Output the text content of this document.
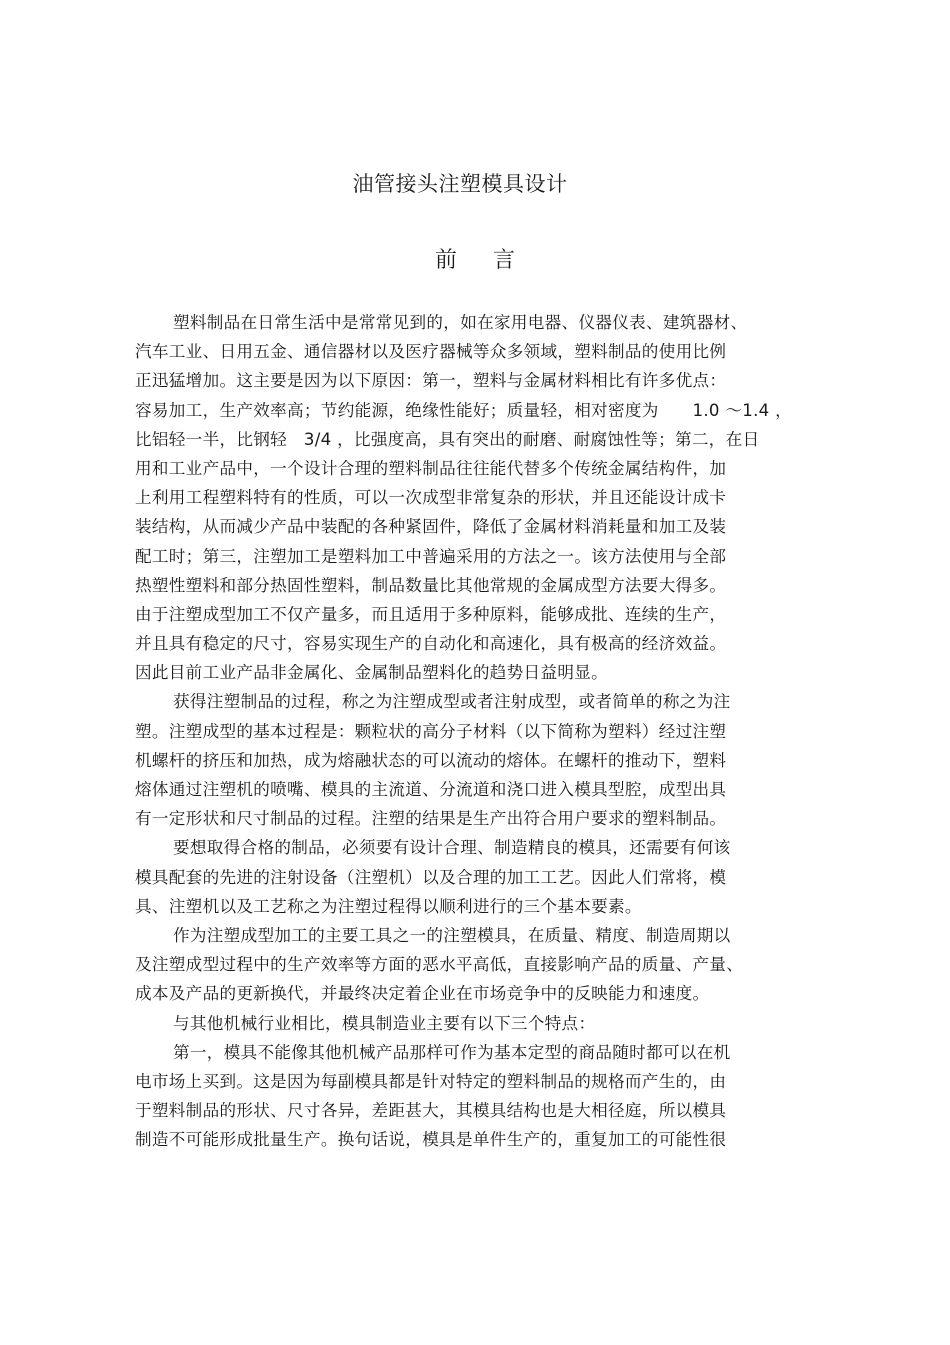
油管接头注塑模具设计
前言
塑料制品在日常生活中是常常见到的，如在家用电器、仪器仪表、建筑器材、
汽车工业、日用五金、通信器材以及医疗器械等众多领域，塑料制品的使用比例
正迅猛增加。这主要是因为以下原因：第一，塑料与金属材料相比有许多优点：
容易加工，生产效率高；节约能源，绝缘性能好；质量轻，相对密度为　　1.0 ～1.4 ，
比铝轻一半，比钢轻　3/4 ，比强度高，具有突出的耐磨、耐腐蚀性等；第二，在日
用和工业产品中，一个设计合理的塑料制品往往能代替多个传统金属结构件，加
上利用工程塑料特有的性质，可以一次成型非常复杂的形状，并且还能设计成卡
装结构，从而减少产品中装配的各种紧固件，降低了金属材料消耗量和加工及装
配工时；第三，注塑加工是塑料加工中普遍采用的方法之一。该方法使用与全部
热塑性塑料和部分热固性塑料，制品数量比其他常规的金属成型方法要大得多。
由于注塑成型加工不仅产量多，而且适用于多种原料，能够成批、连续的生产，
并且具有稳定的尺寸，容易实现生产的自动化和高速化，具有极高的经济效益。
因此目前工业产品非金属化、金属制品塑料化的趋势日益明显。
获得注塑制品的过程，称之为注塑成型或者注射成型，或者简单的称之为注
塑。注塑成型的基本过程是：颗粒状的高分子材料（以下简称为塑料）经过注塑
机螺杆的挤压和加热，成为熔融状态的可以流动的熔体。在螺杆的推动下，塑料
熔体通过注塑机的喷嘴、模具的主流道、分流道和浇口进入模具型腔，成型出具
有一定形状和尺寸制品的过程。注塑的结果是生产出符合用户要求的塑料制品。
要想取得合格的制品，必须要有设计合理、制造精良的模具，还需要有何该
模具配套的先进的注射设备（注塑机）以及合理的加工工艺。因此人们常将，模
具、注塑机以及工艺称之为注塑过程得以顺利进行的三个基本要素。
作为注塑成型加工的主要工具之一的注塑模具，在质量、精度、制造周期以
及注塑成型过程中的生产效率等方面的恶水平高低，直接影响产品的质量、产量、
成本及产品的更新换代，并最终决定着企业在市场竞争中的反映能力和速度。
与其他机械行业相比，模具制造业主要有以下三个特点：
第一，模具不能像其他机械产品那样可作为基本定型的商品随时都可以在机
电市场上买到。这是因为每副模具都是针对特定的塑料制品的规格而产生的，由
于塑料制品的形状、尺寸各异，差距甚大，其模具结构也是大相径庭，所以模具
制造不可能形成批量生产。换句话说，模具是单件生产的，重复加工的可能性很
